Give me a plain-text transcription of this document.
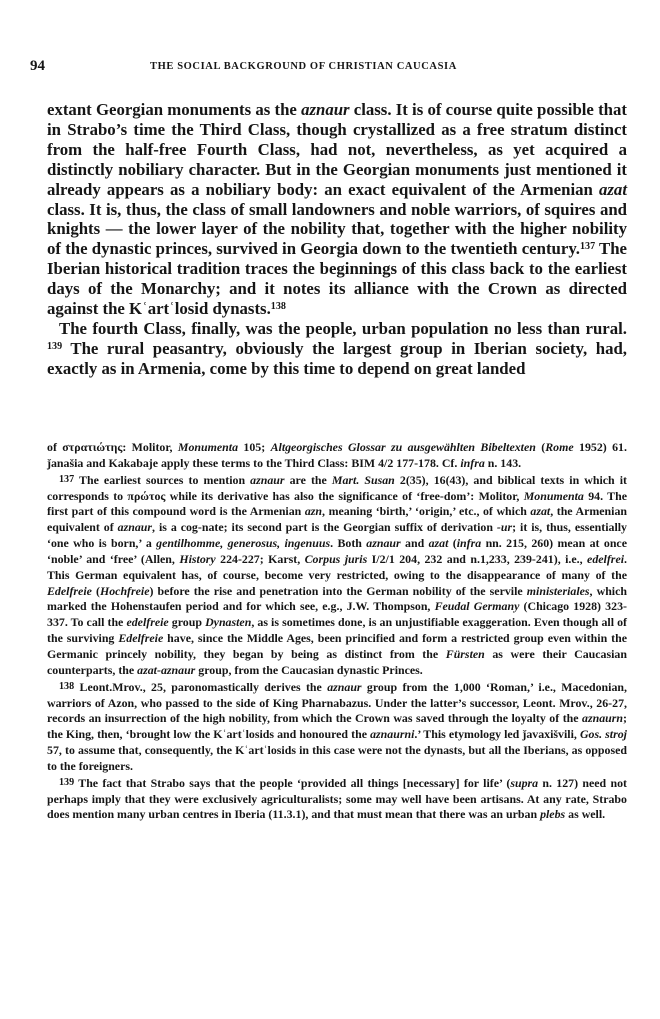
94	THE SOCIAL BACKGROUND OF CHRISTIAN CAUCASIA

extant Georgian monuments as the aznaur class. It is of course quite possible that in Strabo’s time the Third Class, though crystallized as a free stratum distinct from the half-free Fourth Class, had not, nevertheless, as yet acquired a distinctly nobiliary character. But in the Georgian monuments just mentioned it already appears as a nobiliary body: an exact equivalent of the Armenian azat class. It is, thus, the class of small landowners and noble warriors, of squires and knights — the lower layer of the nobility that, together with the higher nobility of the dynastic princes, survived in Georgia down to the twentieth century.$^{137}$ The Iberian historical tradition traces the beginnings of this class back to the earliest days of the Monarchy; and it notes its alliance with the Crown as directed against the Kʿartʿlosid dynasts.$^{138}$

The fourth Class, finally, was the people, urban population no less than rural. $^{139}$ The rural peasantry, obviously the largest group in Iberian society, had, exactly as in Armenia, come by this time to depend on great landed

of στρατιώτης: Molitor, Monumenta 105; Altgeorgisches Glossar zu ausgewählten Bibeltexten (Rome 1952) 61. ǰanašia and Kakabaje apply these terms to the Third Class: BIM 4/2 177-178. Cf. infra n. 143.

137 The earliest sources to mention aznaur are the Mart. Susan 2(35), 16(43), and biblical texts in which it corresponds to πρώτος while its derivative has also the significance of ‘free-dom’: Molitor, Monumenta 94. The first part of this compound word is the Armenian azn, meaning ‘birth,’ ‘origin,’ etc., of which azat, the Armenian equivalent of aznaur, is a cog-nate; its second part is the Georgian suffix of derivation -ur; it is, thus, essentially ‘one who is born,’ a gentilhomme, generosus, ingenuus. Both aznaur and azat (infra nn. 215, 260) mean at once ‘noble’ and ‘free’ (Allen, History 224-227; Karst, Corpus juris I/2/1 204, 232 and n.1,233, 239-241), i.e., edelfrei. This German equivalent has, of course, become very restricted, owing to the disappearance of many of the Edelfreie (Hochfreie) before the rise and penetration into the German nobility of the servile ministeriales, which marked the Hohenstaufen period and for which see, e.g., J.W. Thompson, Feudal Germany (Chicago 1928) 323-337. To call the edelfreie group Dynasten, as is sometimes done, is an unjustifiable exaggeration. Even though all of the surviving Edelfreie have, since the Middle Ages, been princified and form a restricted group even within the Germanic princely nobility, they began by being as distinct from the Fürsten as were their Caucasian counterparts, the azat-aznaur group, from the Caucasian dynastic Princes.

138 Leont.Mrov., 25, paronomastically derives the aznaur group from the 1,000 ‘Roman,’ i.e., Macedonian, warriors of Azon, who passed to the side of King Pharnabazus. Under the latter’s successor, Leont. Mrov., 26-27, records an insurrection of the high nobility, from which the Crown was saved through the loyalty of the aznaurn; the King, then, ‘brought low the Kʿartʿlosids and honoured the aznaurni.’ This etymology led ǰavaxišvili, Gos. stroj 57, to assume that, consequently, the Kʿartʿlosids in this case were not the dynasts, but all the Iberians, as opposed to the foreigners.

139 The fact that Strabo says that the people ‘provided all things [necessary] for life’ (supra n. 127) need not perhaps imply that they were exclusively agriculturalists; some may well have been artisans. At any rate, Strabo does mention many urban centres in Iberia (11.3.1), and that must mean that there was an urban plebs as well.
